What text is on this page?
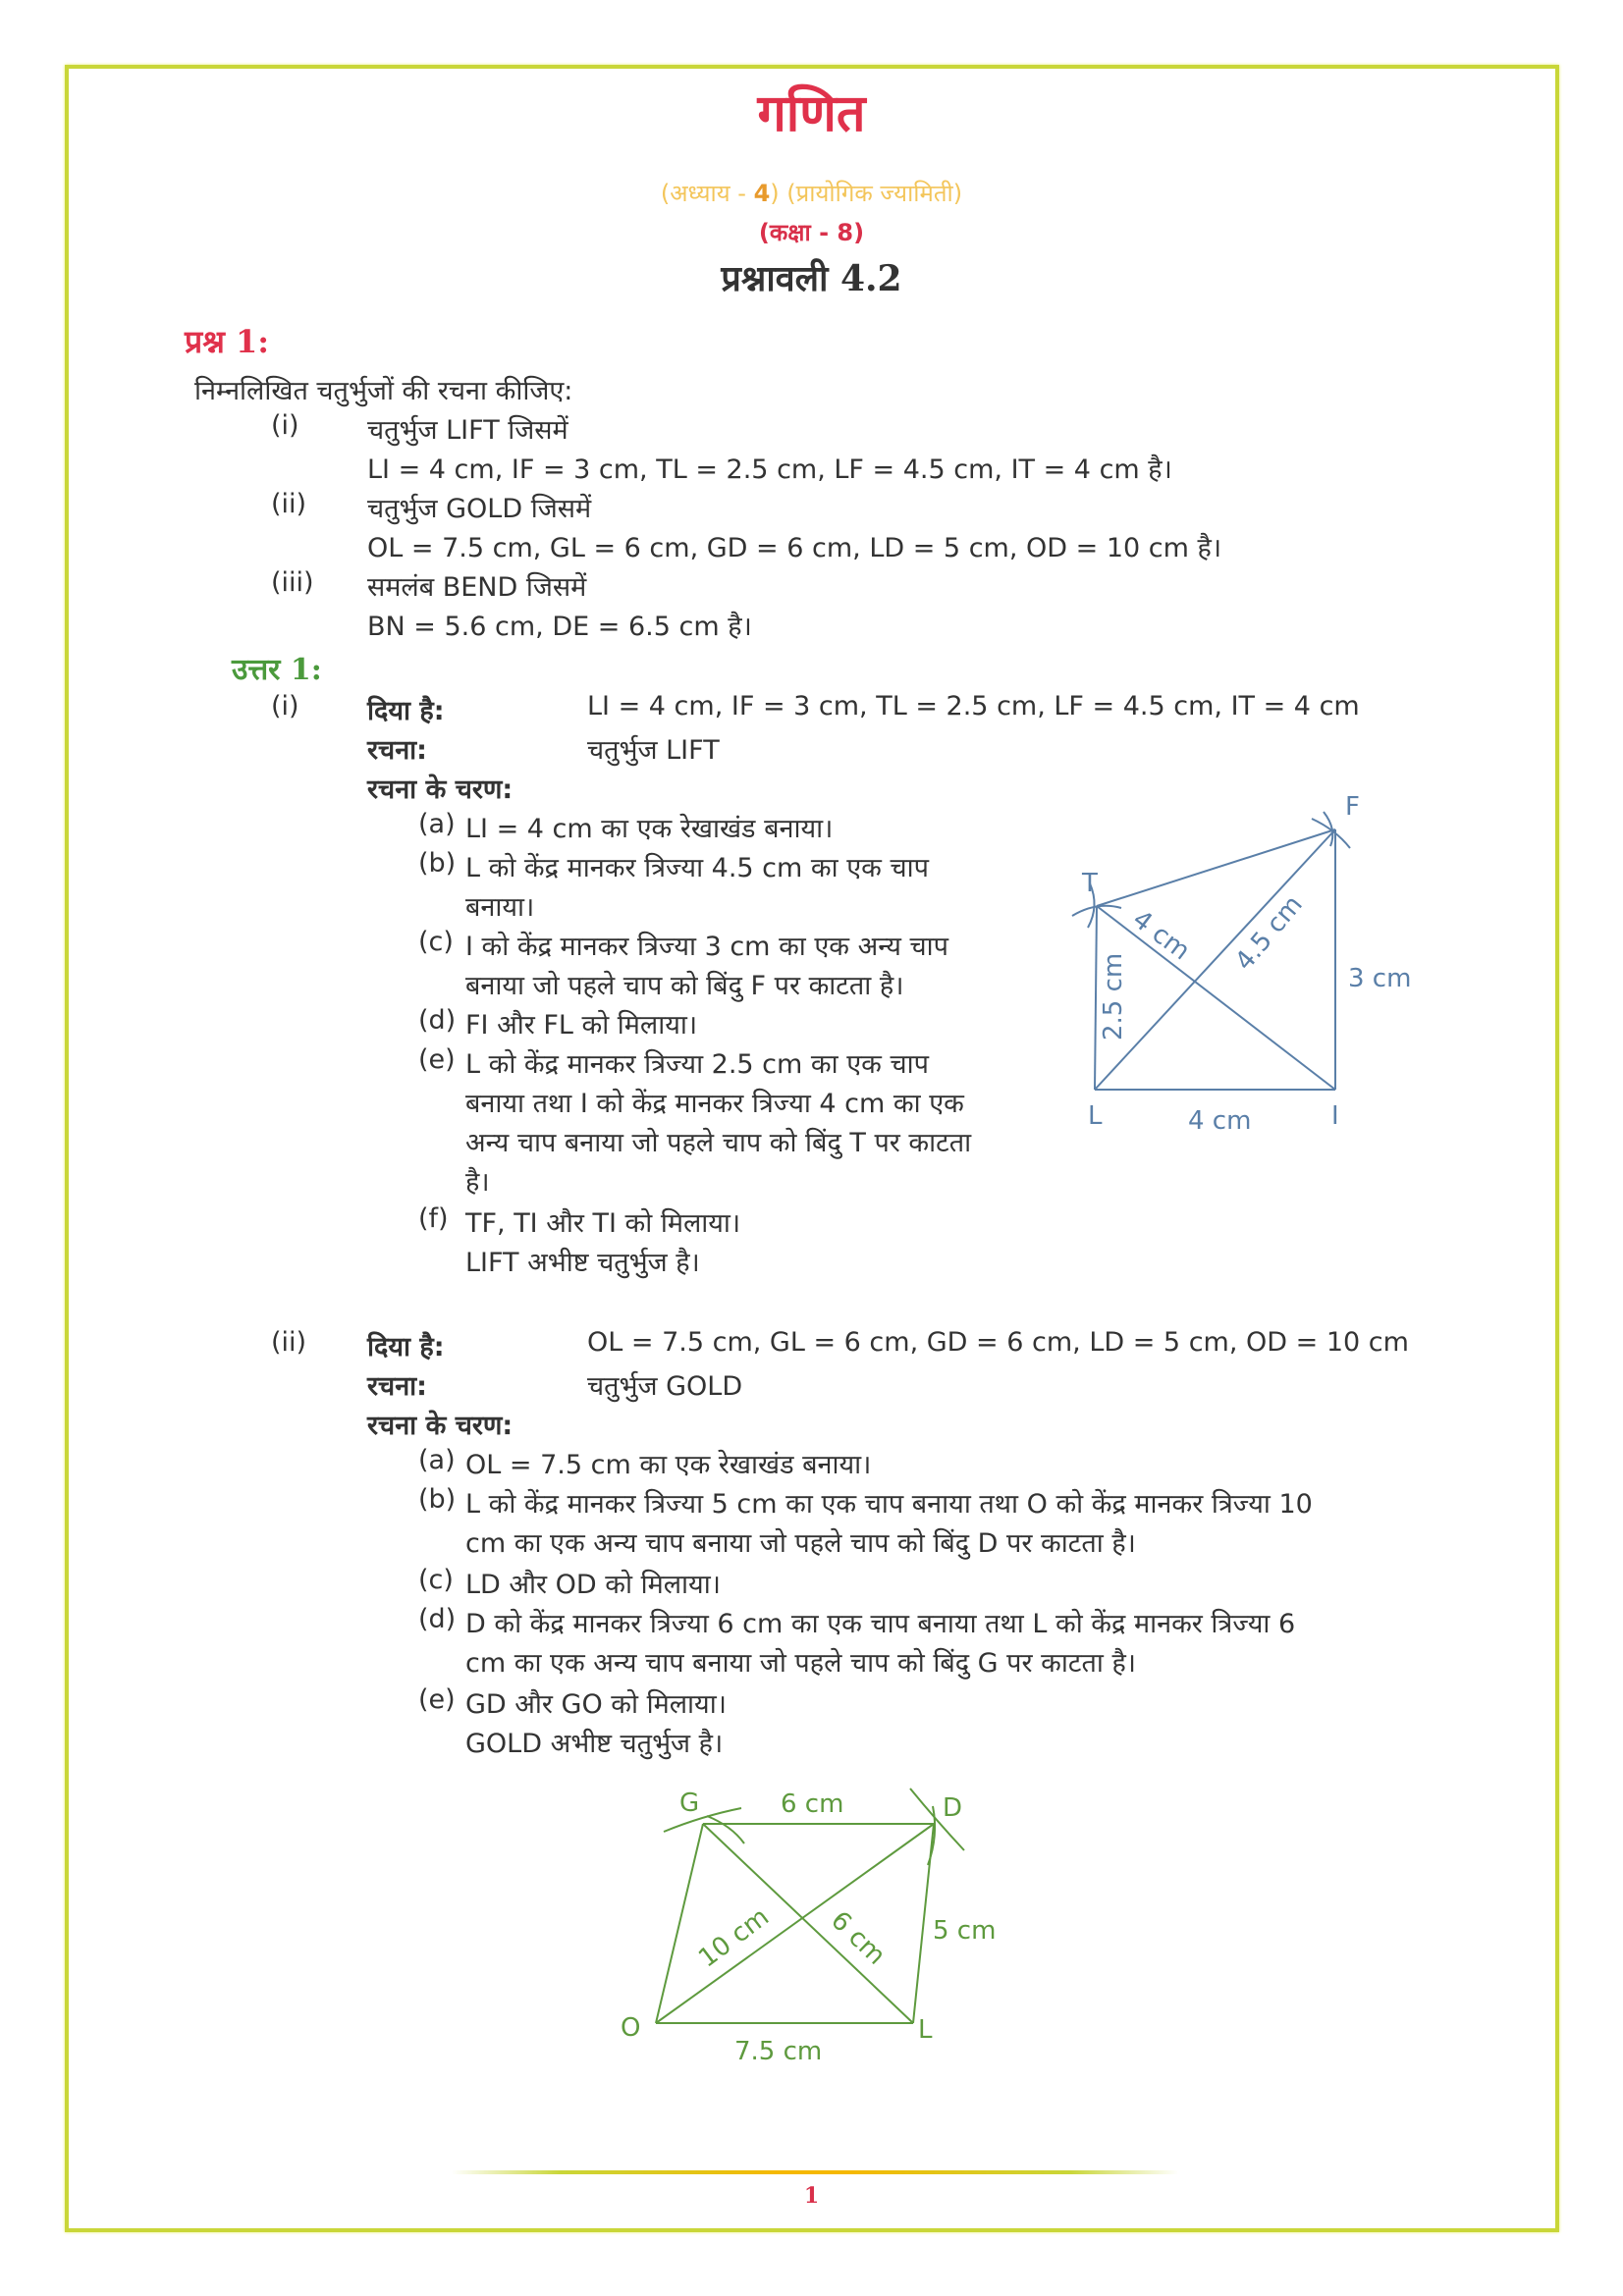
गणित
(अध्याय - 4) (प्रायोगिक ज्यामिती)
(कक्षा - 8)
प्रश्नावली 4.2
प्रश्न 1:
निम्नलिखित चतुर्भुजों की रचना कीजिए:
(i)	चतुर्भुज LIFT जिसमें
LI = 4 cm, IF = 3 cm, TL = 2.5 cm, LF = 4.5 cm, IT = 4 cm है।
(ii) चतुर्भुज GOLD जिसमें
OL = 7.5 cm, GL = 6 cm, GD = 6 cm, LD = 5 cm, OD = 10 cm है।
(iii) समलंब BEND जिसमें
BN = 5.6 cm, DE = 6.5 cm है।
उत्तर 1:
(i)	दिया है:	LI = 4 cm, IF = 3 cm, TL = 2.5 cm, LF = 4.5 cm, IT = 4 cm
रचना:	चतुर्भुज LIFT
रचना के चरण:
(a) LI = 4 cm का एक रेखाखंड बनाया।
(b) L को केंद्र मानकर त्रिज्या 4.5 cm का एक चाप
बनाया।
(c) I को केंद्र मानकर त्रिज्या 3 cm का एक अन्य चाप
बनाया जो पहले चाप को बिंदु F पर काटता है।
(d) FI और FL को मिलाया।
(e) L को केंद्र मानकर त्रिज्या 2.5 cm का एक चाप
बनाया तथा I को केंद्र मानकर त्रिज्या 4 cm का एक
अन्य चाप बनाया जो पहले चाप को बिंदु T पर काटता
है।
(f) TF, TI और TI को मिलाया।
LIFT अभीष्ट चतुर्भुज है।
L	I
F
T
4 cm
3 cm
2.5 cm
4 cm 4.5 cm
(ii) दिया है:	OL = 7.5 cm, GL = 6 cm, GD = 6 cm, LD = 5 cm, OD = 10 cm
रचना:	चतुर्भुज GOLD
रचना के चरण:
(a) OL = 7.5 cm का एक रेखाखंड बनाया।
(b) L को केंद्र मानकर त्रिज्या 5 cm का एक चाप बनाया तथा O को केंद्र मानकर त्रिज्या 10
cm का एक अन्य चाप बनाया जो पहले चाप को बिंदु D पर काटता है।
(c) LD और OD को मिलाया।
(d) D को केंद्र मानकर त्रिज्या 6 cm का एक चाप बनाया तथा L को केंद्र मानकर त्रिज्या 6
cm का एक अन्य चाप बनाया जो पहले चाप को बिंदु G पर काटता है।
(e) GD और GO को मिलाया।
GOLD अभीष्ट चतुर्भुज है।
G	D
O	L
6 cm
5 cm
7.5 cm
10 cm 6 cm
1
